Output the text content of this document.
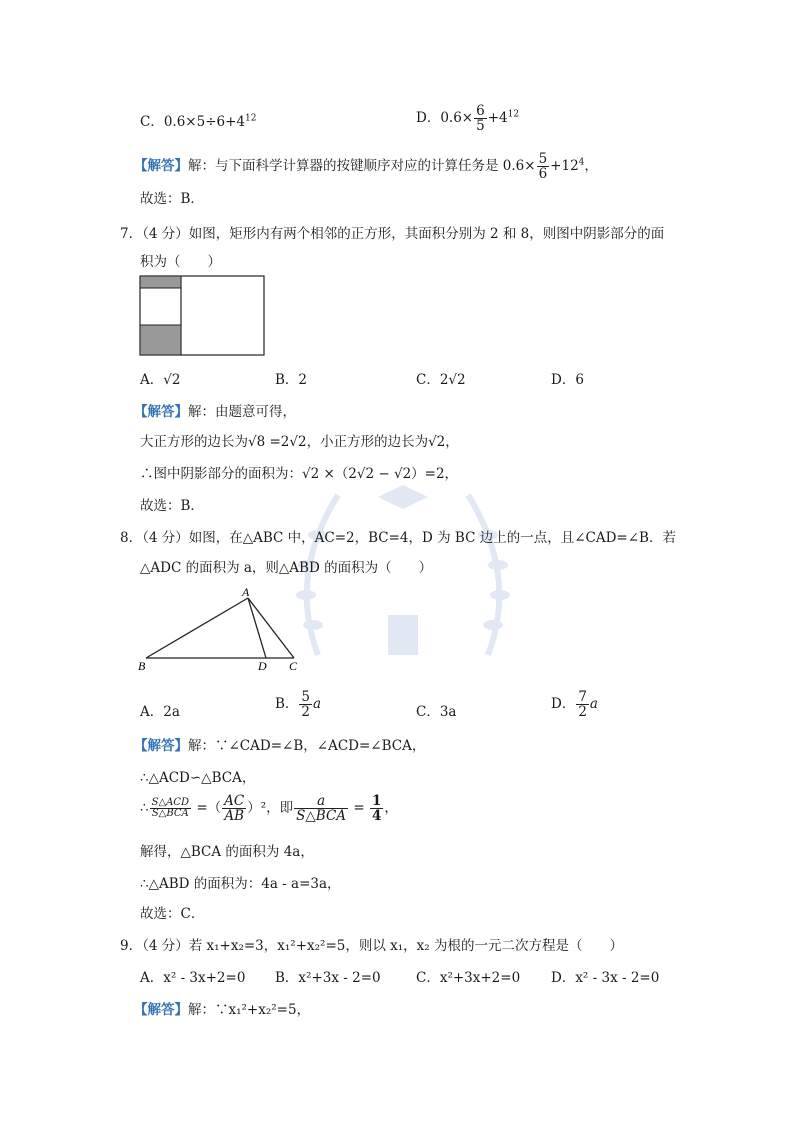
C．$0.6\times 5\div 6+4^{12}$	D．$0.6\times \frac{6}{5} +4^{12}$
【解答】解：与下面科学计算器的按键顺序对应的计算任务是 $0.6\times \frac{5}{6} +12^4$，
故选：B．
7．（4 分）如图，矩形内有两个相邻的正方形，其面积分别为 2 和 8，则图中阴影部分的面
积为（　　）
A．√2	B．2	C．2√2	D．6
【解答】解：由题意可得，
大正方形的边长为√8 =2√2，小正方形的边长为√2，
∴图中阴影部分的面积为：√2 ×（2√2 − √2）=2，
故选：B．
8．（4 分）如图，在△ABC 中，AC=2，BC=4，D 为 BC 边上的一点，且∠CAD=∠B．若
△ADC 的面积为 a，则△ABD 的面积为（　　）
A
B	D C
A．2a	B． $\frac{5}{2}$ a	C．3a	D． $\frac{7}{2}$ a
【解答】解：∵∠CAD=∠B，∠ACD=∠BCA，
∴△ACD∽△BCA，
∴ $\frac{\text{S△ACD}}{\text{S△BCA}}$ =（ $\frac{AC}{AB} )^2$，即 $\frac{a}{\text{S△BCA}} = \frac{1}{4}$ ，
解得，△BCA 的面积为 4a，
∴△ABD 的面积为：4a - a=3a，
故选：C．
9．（4 分）若 x₁+x₂=3，x₁²+x₂²=5，则以 x₁，x₂ 为根的一元二次方程是（　　）
A．x² - 3x+2=0 B．x²+3x - 2=0	C．x²+3x+2=0 D．x² - 3x - 2=0
【解答】解：∵x₁²+x₂²=5，
